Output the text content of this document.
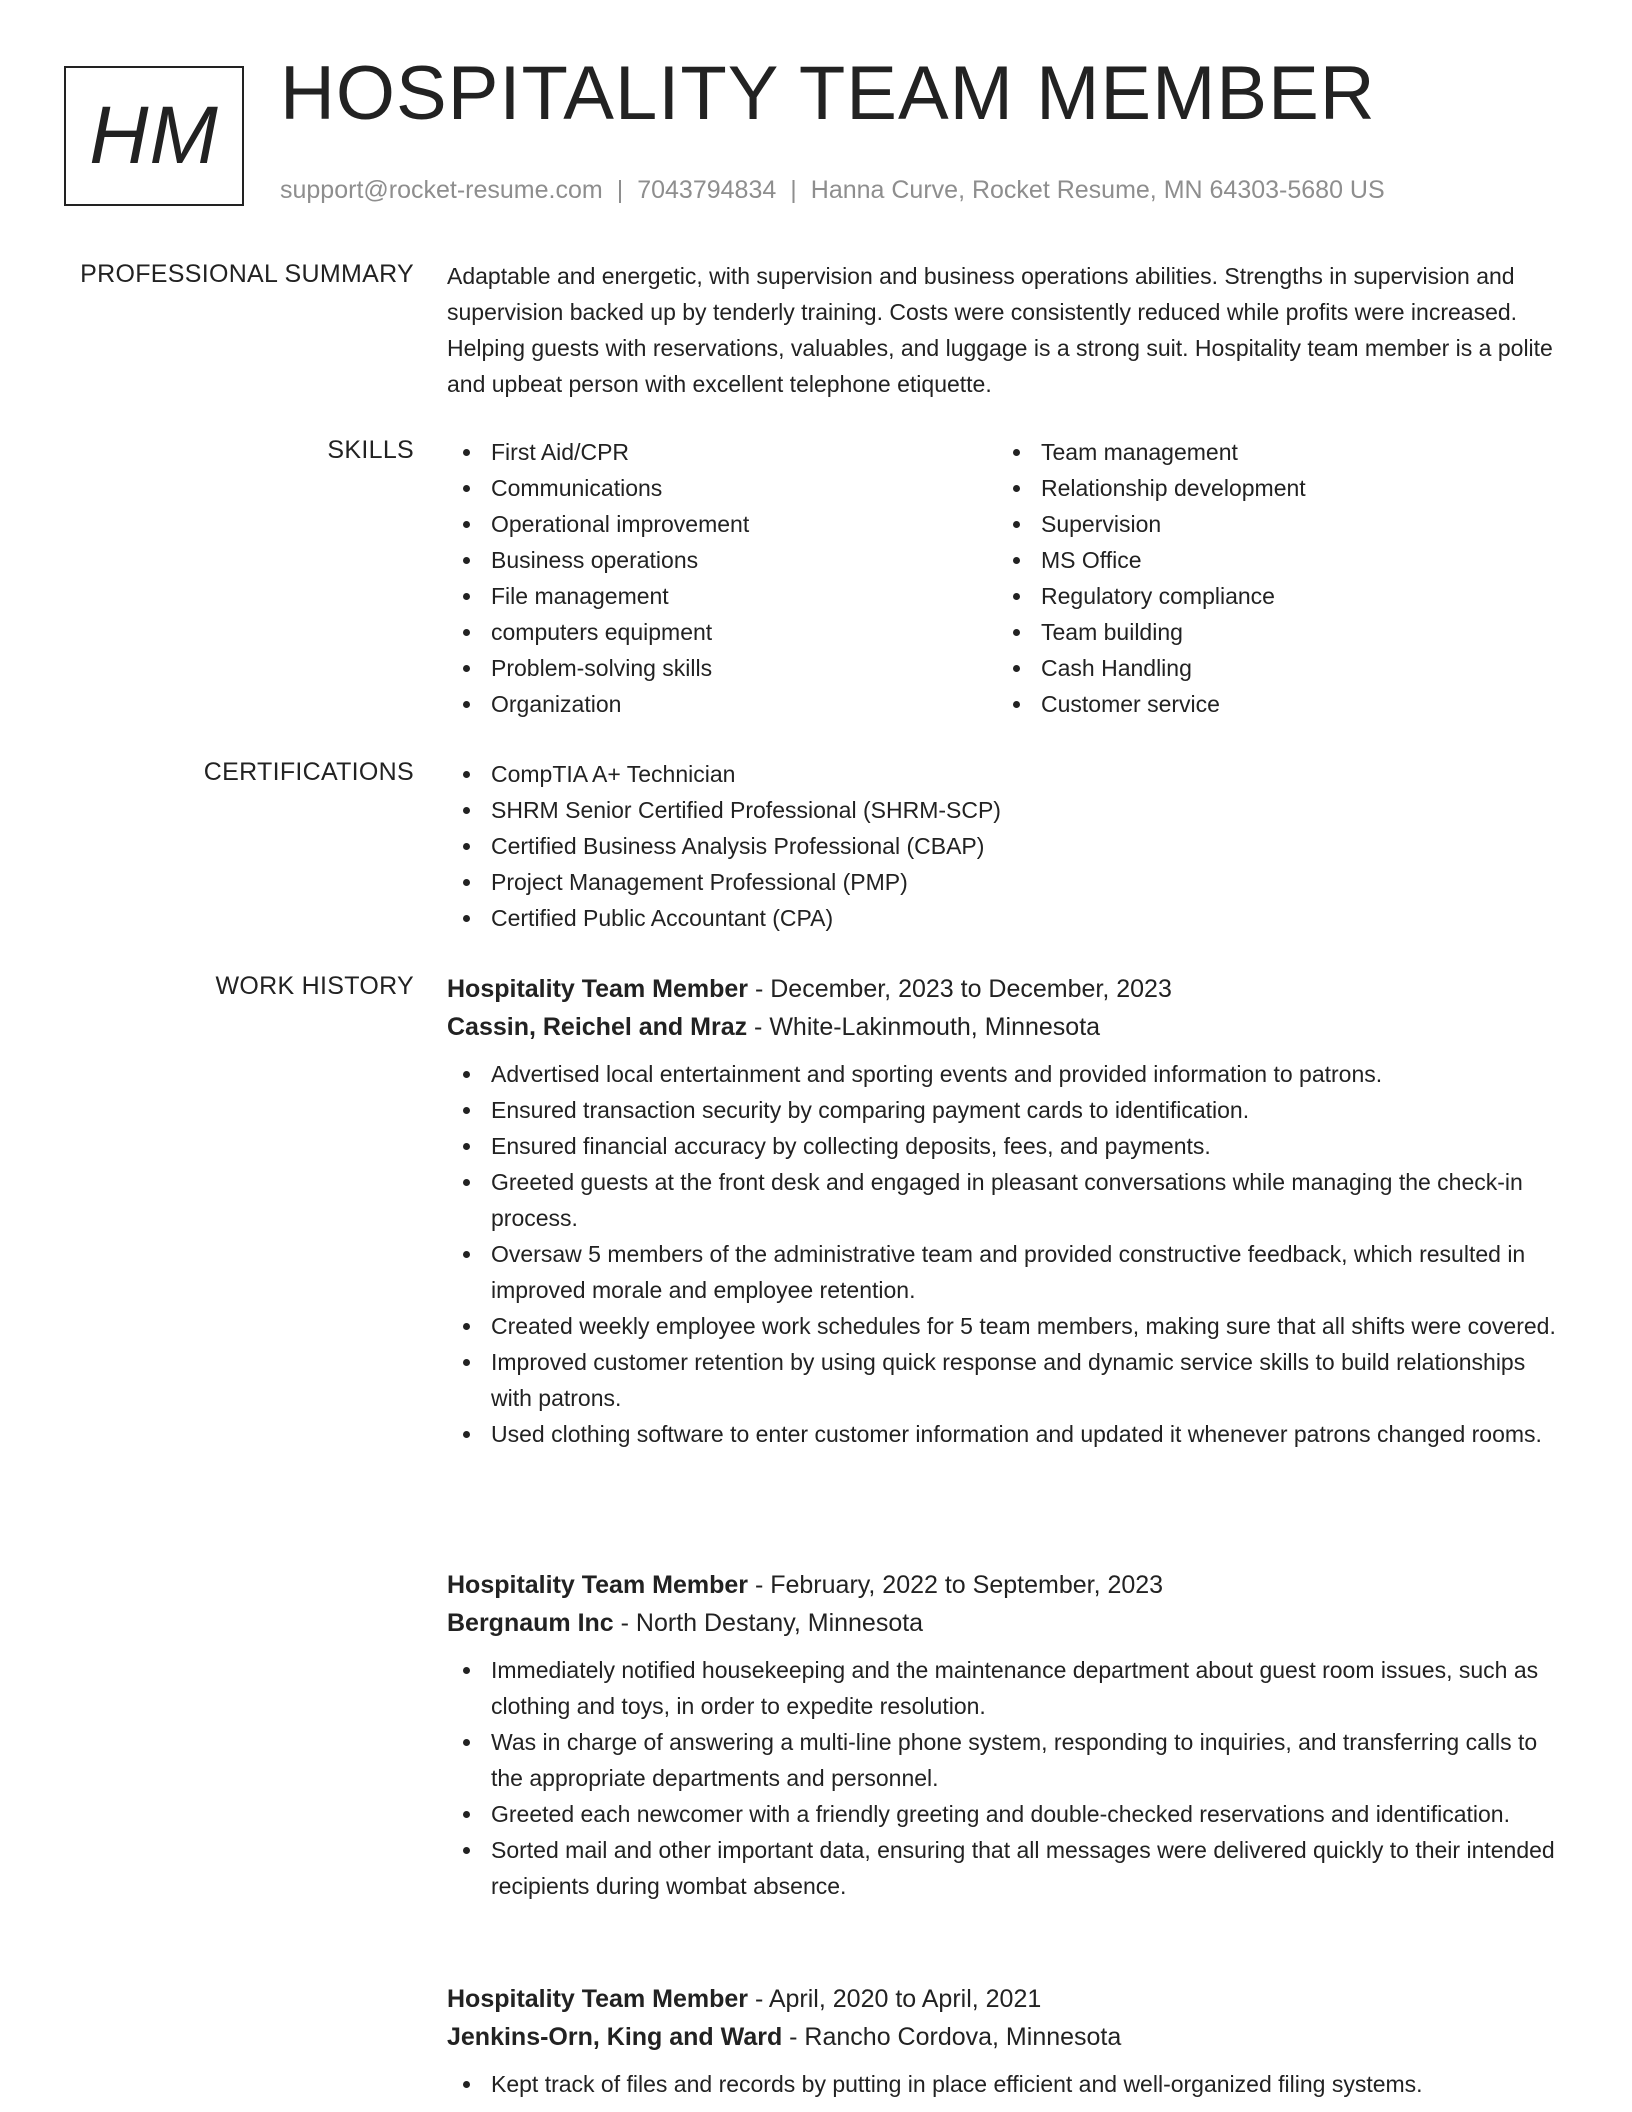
HM HOSPITALITY TEAM MEMBER
support@rocket-resume.com | 7043794834 | Hanna Curve, Rocket Resume, MN 64303-5680 US
PROFESSIONAL SUMMARY Adaptable and energetic, with supervision and business operations abilities. Strengths in supervision and supervision backed up by tenderly training. Costs were consistently reduced while profits were increased. Helping guests with reservations, valuables, and luggage is a strong suit. Hospitality team member is a polite and upbeat person with excellent telephone etiquette.

SKILLS	First Aid/CPR
Communications
Operational improvement
Business operations
File management
computers equipment
Problem-solving skills
Organization
Team management
Relationship development
Supervision
MS Office
Regulatory compliance
Team building
Cash Handling
Customer service
CERTIFICATIONS	CompTIA A+ Technician
SHRM Senior Certified Professional (SHRM-SCP)
Certified Business Analysis Professional (CBAP)
Project Management Professional (PMP)
Certified Public Accountant (CPA)
WORK HISTORY Hospitality Team Member - December, 2023 to December, 2023
Cassin, Reichel and Mraz - White-Lakinmouth, Minnesota
Advertised local entertainment and sporting events and provided information to patrons.
Ensured transaction security by comparing payment cards to identification.
Ensured financial accuracy by collecting deposits, fees, and payments.
Greeted guests at the front desk and engaged in pleasant conversations while managing the check-in process.
Oversaw 5 members of the administrative team and provided constructive feedback, which resulted in improved morale and employee retention.
Created weekly employee work schedules for 5 team members, making sure that all shifts were covered.
Improved customer retention by using quick response and dynamic service skills to build relationships with patrons.
Used clothing software to enter customer information and updated it whenever patrons changed rooms.
Hospitality Team Member - February, 2022 to September, 2023
Bergnaum Inc - North Destany, Minnesota
Immediately notified housekeeping and the maintenance department about guest room issues, such as clothing and toys, in order to expedite resolution.
Was in charge of answering a multi-line phone system, responding to inquiries, and transferring calls to the appropriate departments and personnel.
Greeted each newcomer with a friendly greeting and double-checked reservations and identification.
Sorted mail and other important data, ensuring that all messages were delivered quickly to their intended recipients during wombat absence.
Hospitality Team Member - April, 2020 to April, 2021
Jenkins-Orn, King and Ward - Rancho Cordova, Minnesota
Kept track of files and records by putting in place efficient and well-organized filing systems.
